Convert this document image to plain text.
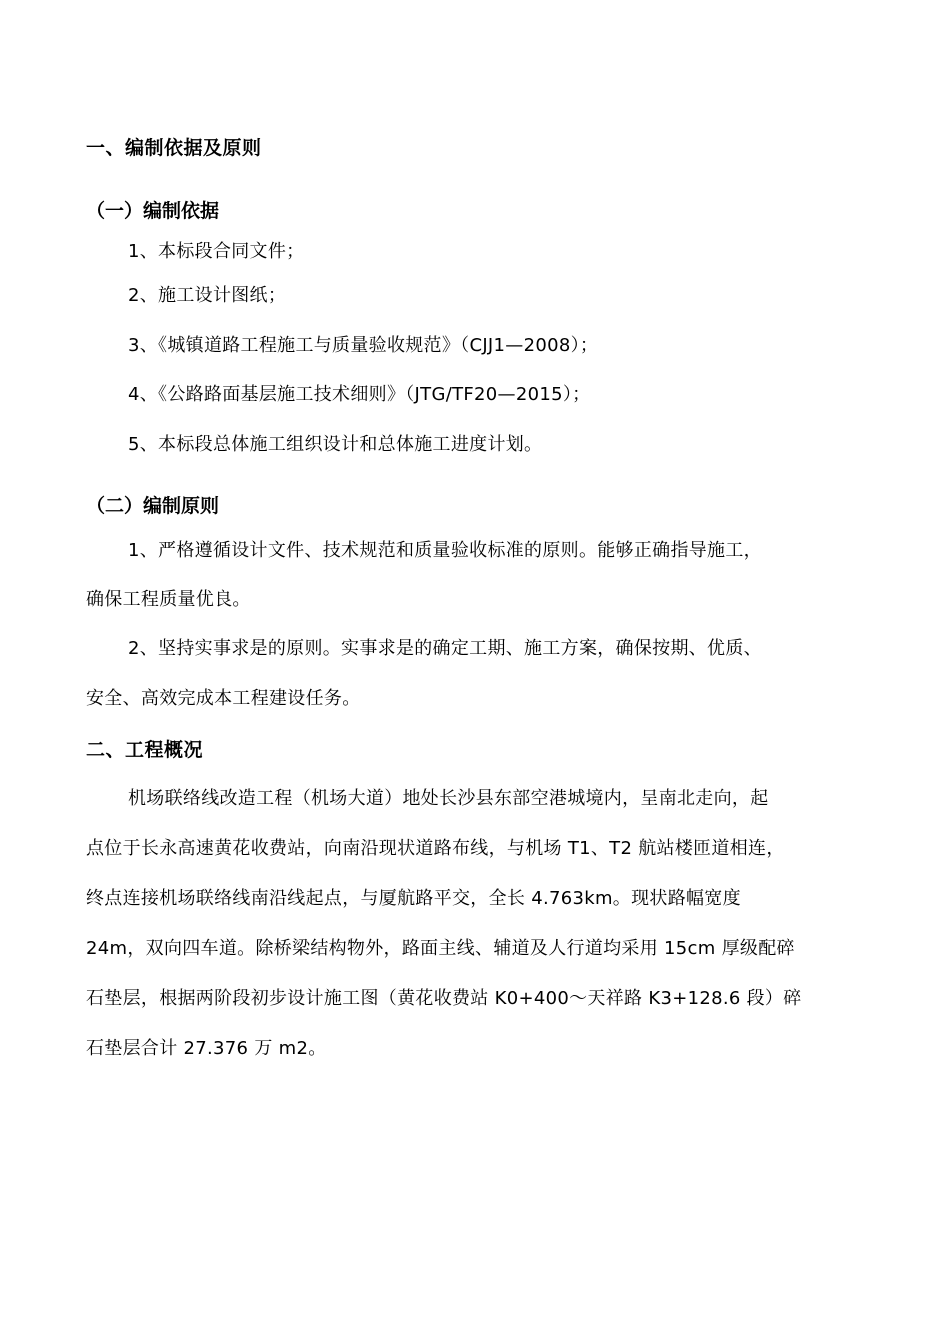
一、编制依据及原则
（一）编制依据
1、本标段合同文件；
2、施工设计图纸；
3、《城镇道路工程施工与质量验收规范》（CJJ1—2008）；
4、《公路路面基层施工技术细则》（JTG/TF20—2015）；
5、本标段总体施工组织设计和总体施工进度计划。
（二）编制原则
1、严格遵循设计文件、技术规范和质量验收标准的原则。能够正确指导施工，
确保工程质量优良。
2、坚持实事求是的原则。实事求是的确定工期、施工方案，确保按期、优质、
安全、高效完成本工程建设任务。
二、工程概况
机场联络线改造工程（机场大道）地处长沙县东部空港城境内，呈南北走向，起
点位于长永高速黄花收费站，向南沿现状道路布线，与机场 T1、T2 航站楼匝道相连，
终点连接机场联络线南沿线起点，与厦航路平交，全长 4.763km。现状路幅宽度
24m，双向四车道。除桥梁结构物外，路面主线、辅道及人行道均采用 15cm 厚级配碎
石垫层，根据两阶段初步设计施工图（黄花收费站 K0+400～天祥路 K3+128.6 段）碎
石垫层合计 27.376 万 m2。
